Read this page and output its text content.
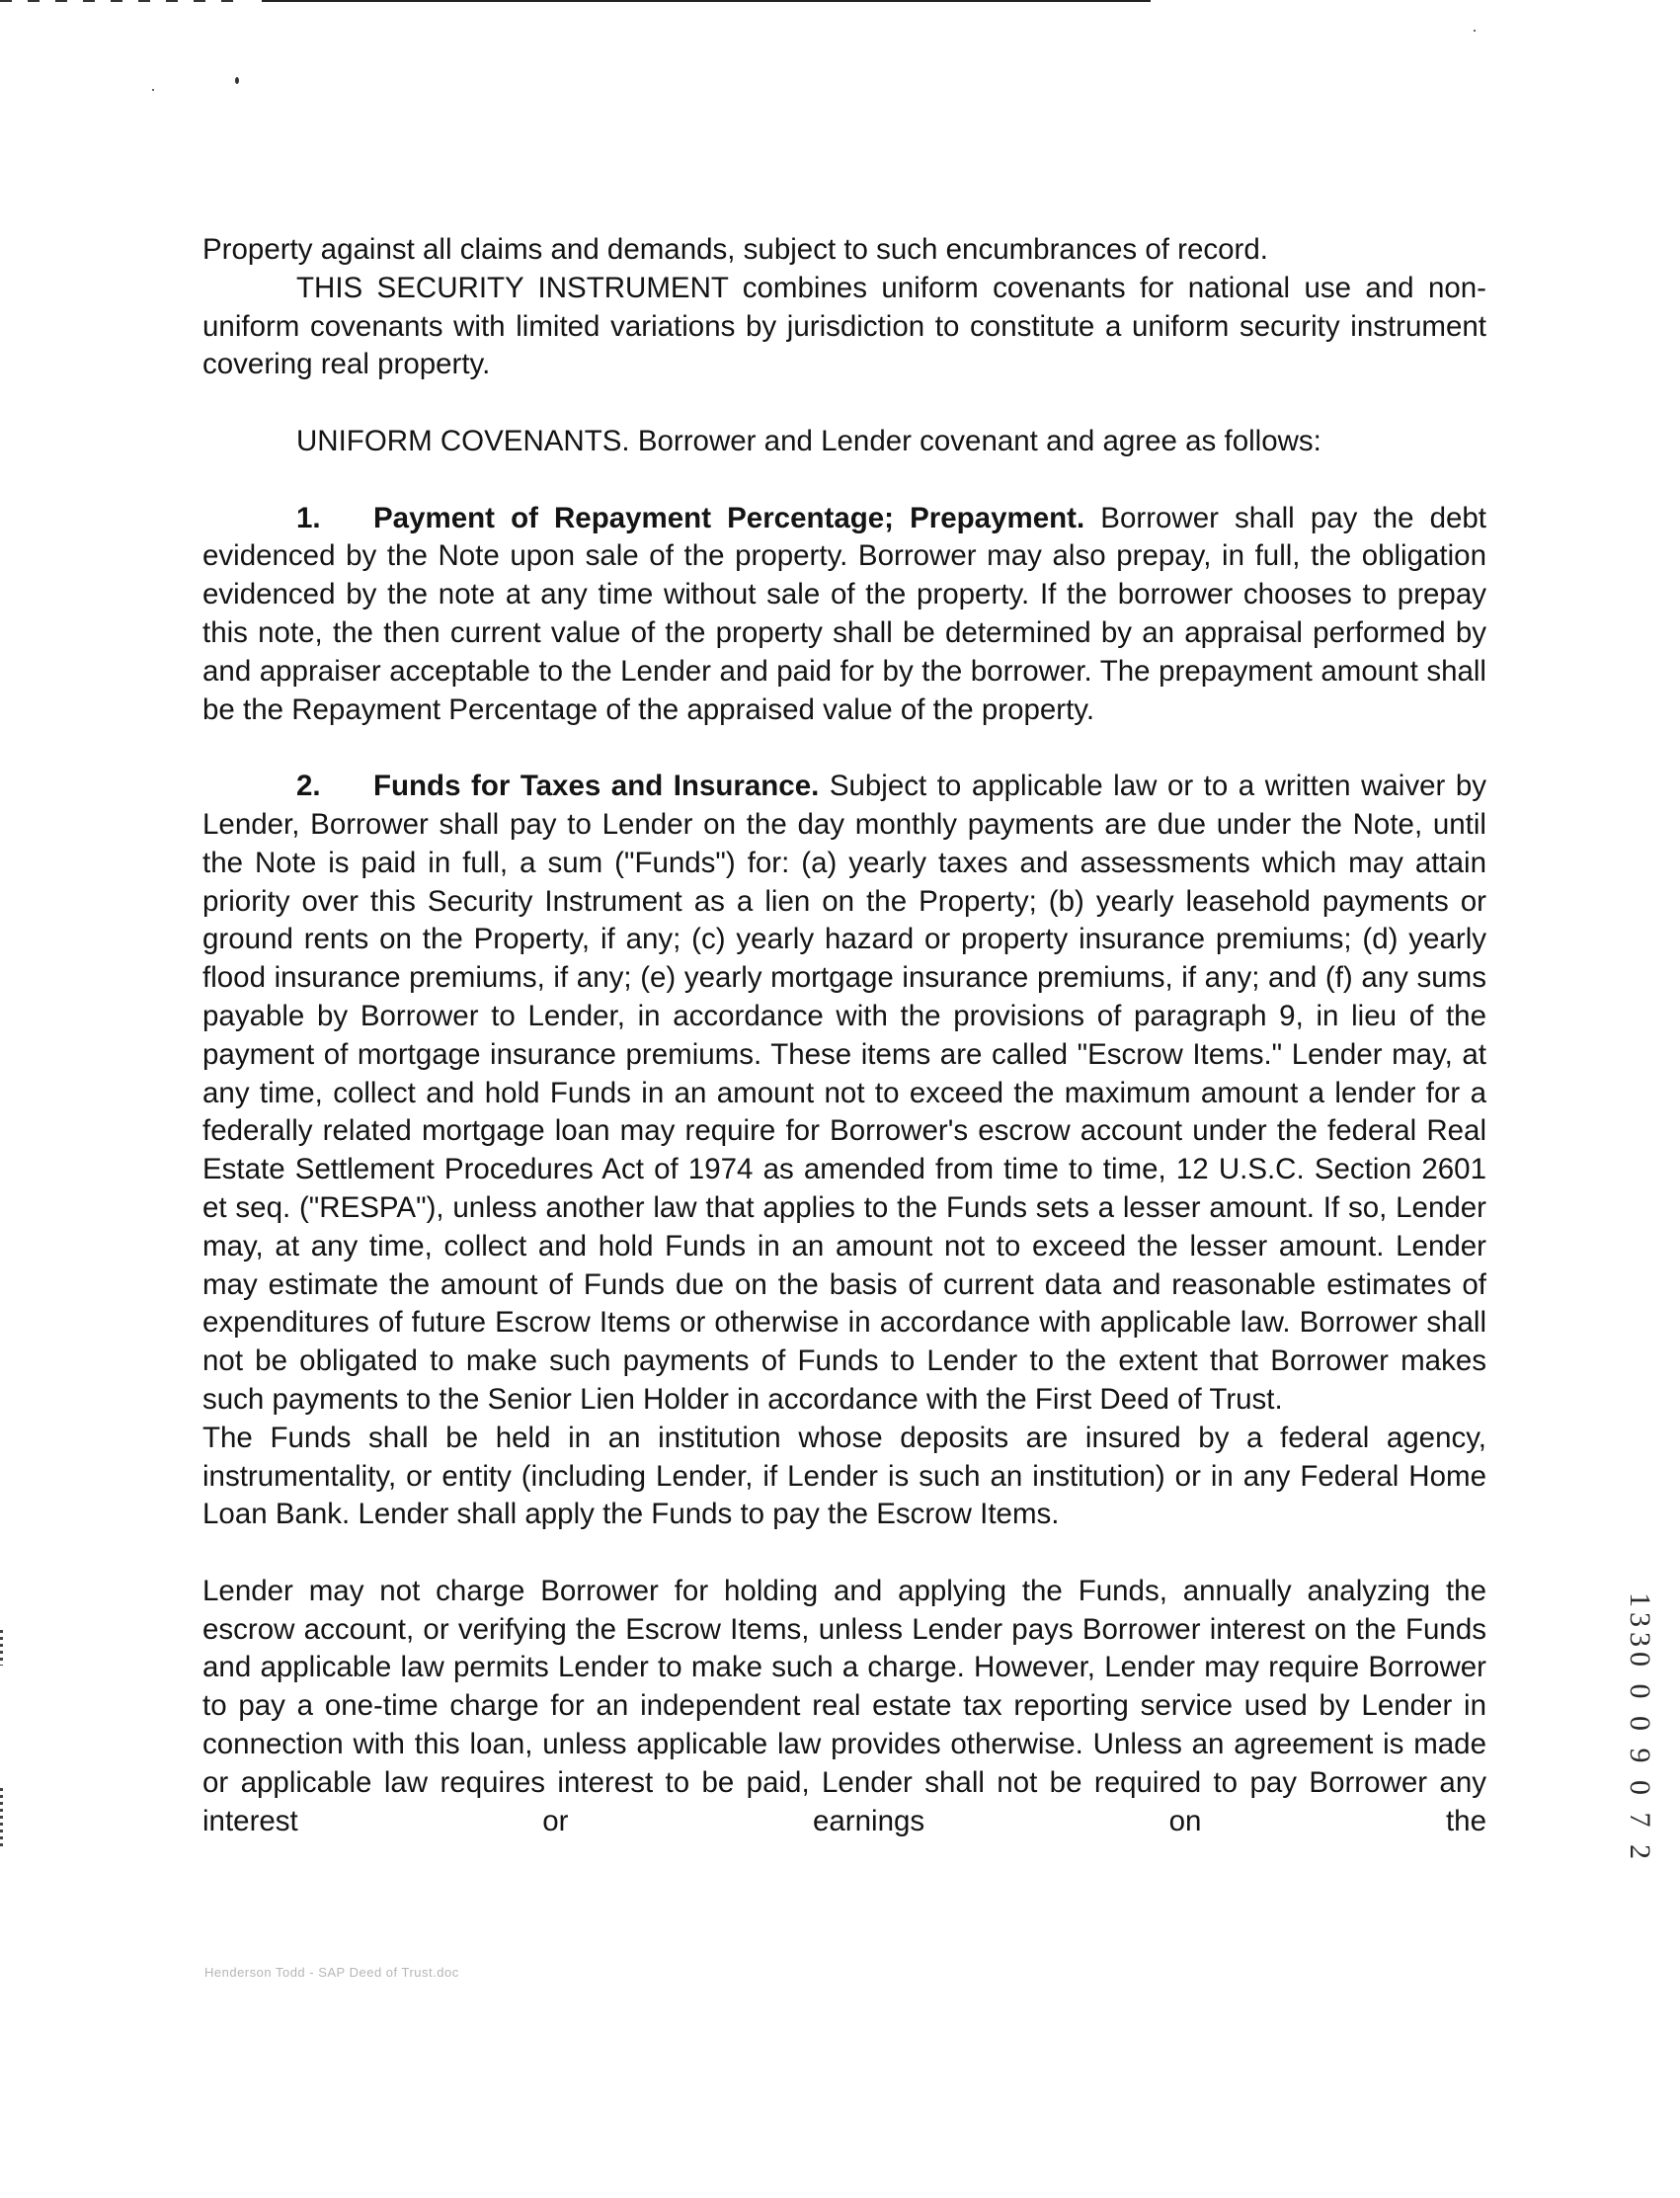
Property against all claims and demands, subject to such encumbrances of record.

THIS SECURITY INSTRUMENT combines uniform covenants for national use and non-uniform covenants with limited variations by jurisdiction to constitute a uniform security instrument covering real property.

UNIFORM COVENANTS. Borrower and Lender covenant and agree as follows:

1. Payment of Repayment Percentage; Prepayment. Borrower shall pay the debt evidenced by the Note upon sale of the property. Borrower may also prepay, in full, the obligation evidenced by the note at any time without sale of the property. If the borrower chooses to prepay this note, the then current value of the property shall be determined by an appraisal performed by and appraiser acceptable to the Lender and paid for by the borrower. The prepayment amount shall be the Repayment Percentage of the appraised value of the property.

2. Funds for Taxes and Insurance. Subject to applicable law or to a written waiver by Lender, Borrower shall pay to Lender on the day monthly payments are due under the Note, until the Note is paid in full, a sum ("Funds") for: (a) yearly taxes and assessments which may attain priority over this Security Instrument as a lien on the Property; (b) yearly leasehold payments or ground rents on the Property, if any; (c) yearly hazard or property insurance premiums; (d) yearly flood insurance premiums, if any; (e) yearly mortgage insurance premiums, if any; and (f) any sums payable by Borrower to Lender, in accordance with the provisions of paragraph 9, in lieu of the payment of mortgage insurance premiums. These items are called "Escrow Items." Lender may, at any time, collect and hold Funds in an amount not to exceed the maximum amount a lender for a federally related mortgage loan may require for Borrower's escrow account under the federal Real Estate Settlement Procedures Act of 1974 as amended from time to time, 12 U.S.C. Section 2601 et seq. ("RESPA"), unless another law that applies to the Funds sets a lesser amount. If so, Lender may, at any time, collect and hold Funds in an amount not to exceed the lesser amount. Lender may estimate the amount of Funds due on the basis of current data and reasonable estimates of expenditures of future Escrow Items or otherwise in accordance with applicable law. Borrower shall not be obligated to make such payments of Funds to Lender to the extent that Borrower makes such payments to the Senior Lien Holder in accordance with the First Deed of Trust.

The Funds shall be held in an institution whose deposits are insured by a federal agency, instrumentality, or entity (including Lender, if Lender is such an institution) or in any Federal Home Loan Bank. Lender shall apply the Funds to pay the Escrow Items.

Lender may not charge Borrower for holding and applying the Funds, annually analyzing the escrow account, or verifying the Escrow Items, unless Lender pays Borrower interest on the Funds and applicable law permits Lender to make such a charge. However, Lender may require Borrower to pay a one-time charge for an independent real estate tax reporting service used by Lender in connection with this loan, unless applicable law provides otherwise. Unless an agreement is made or applicable law requires interest to be paid, Lender shall not be required to pay Borrower any interest or earnings on the	1330 0 0 9 0 7 2
Henderson Todd - SAP Deed of Trust.doc
